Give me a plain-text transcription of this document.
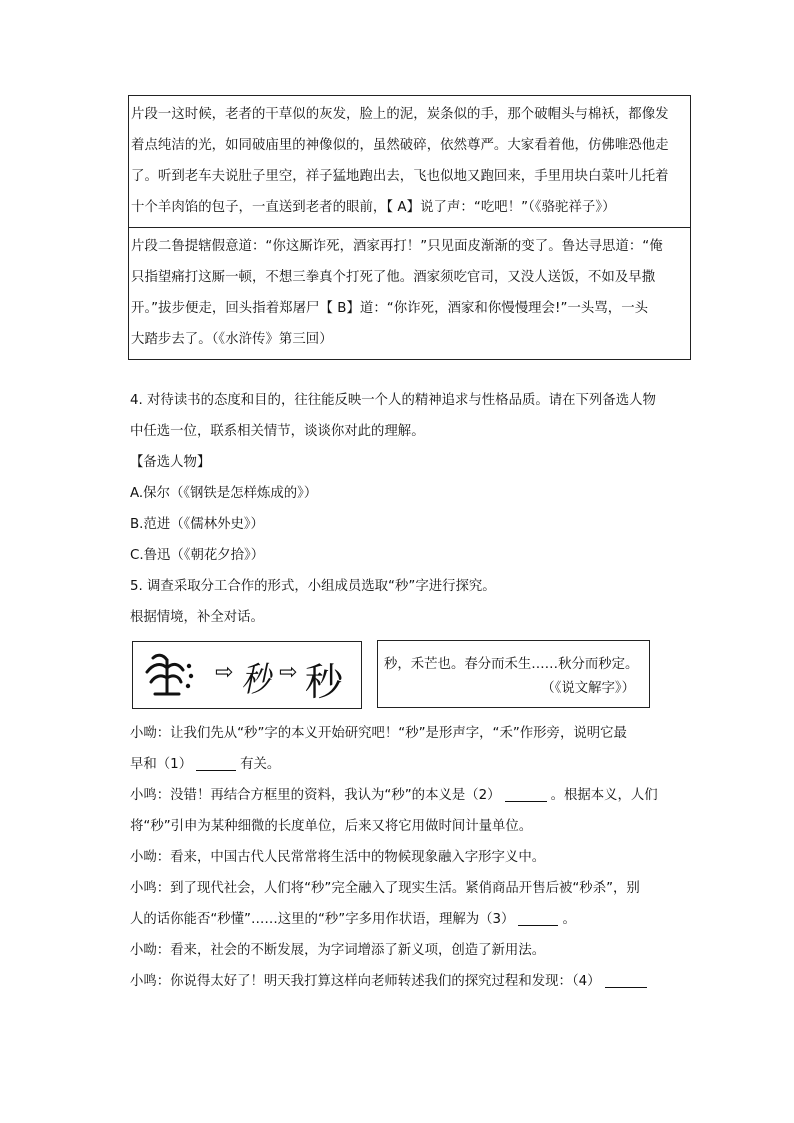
片段一这时候，老者的干草似的灰发，脸上的泥，炭条似的手，那个破帽头与棉袄，都像发
着点纯洁的光，如同破庙里的神像似的，虽然破碎，依然尊严。大家看着他，仿佛唯恐他走
了。听到老车夫说肚子里空，祥子猛地跑出去，飞也似地又跑回来，手里用块白菜叶儿托着
十个羊肉馅的包子，一直送到老者的眼前，【 A】说了声：“吃吧！”（《骆驼祥子》）
片段二鲁提辖假意道：“你这厮诈死，酒家再打！”只见面皮渐渐的变了。鲁达寻思道：“俺
只指望痛打这厮一顿，不想三拳真个打死了他。酒家须吃官司，又没人送饭，不如及早撒
开。”拔步便走，回头指着郑屠尸【 B】道：“你诈死，酒家和你慢慢理会!”一头骂，一头
大踏步去了。（《水浒传》第三回）
4. 对待读书的态度和目的，往往能反映一个人的精神追求与性格品质。请在下列备选人物
中任选一位，联系相关情节，谈谈你对此的理解。
【备选人物】
A.保尔（《钢铁是怎样炼成的》）
B.范进（《儒林外史》）
C.鲁迅（《朝花夕拾》）
5. 调查采取分工合作的形式，小组成员选取“秒”字进行探究。
根据情境，补全对话。
⇨ 秒 ⇨ 秒	秒，禾芒也。春分而禾生……秋分而秒定。
（《说文解字》）
小呦：让我们先从“秒”字的本义开始研究吧！“秒”是形声字，“禾”作形旁，说明它最
早和（1）	有关。
小鸣：没错！再结合方框里的资料，我认为“秒”的本义是（2）	。根据本义，人们
将“秒”引申为某种细微的长度单位，后来又将它用做时间计量单位。
小呦：看来，中国古代人民常常将生活中的物候现象融入字形字义中。
小鸣：到了现代社会，人们将“秒”完全融入了现实生活。紧俏商品开售后被“秒杀”，别
人的话你能否“秒懂”……这里的“秒”字多用作状语，理解为（3）	。
小呦：看来，社会的不断发展，为字词增添了新义项，创造了新用法。
小鸣：你说得太好了！明天我打算这样向老师转述我们的探究过程和发现：（4）
